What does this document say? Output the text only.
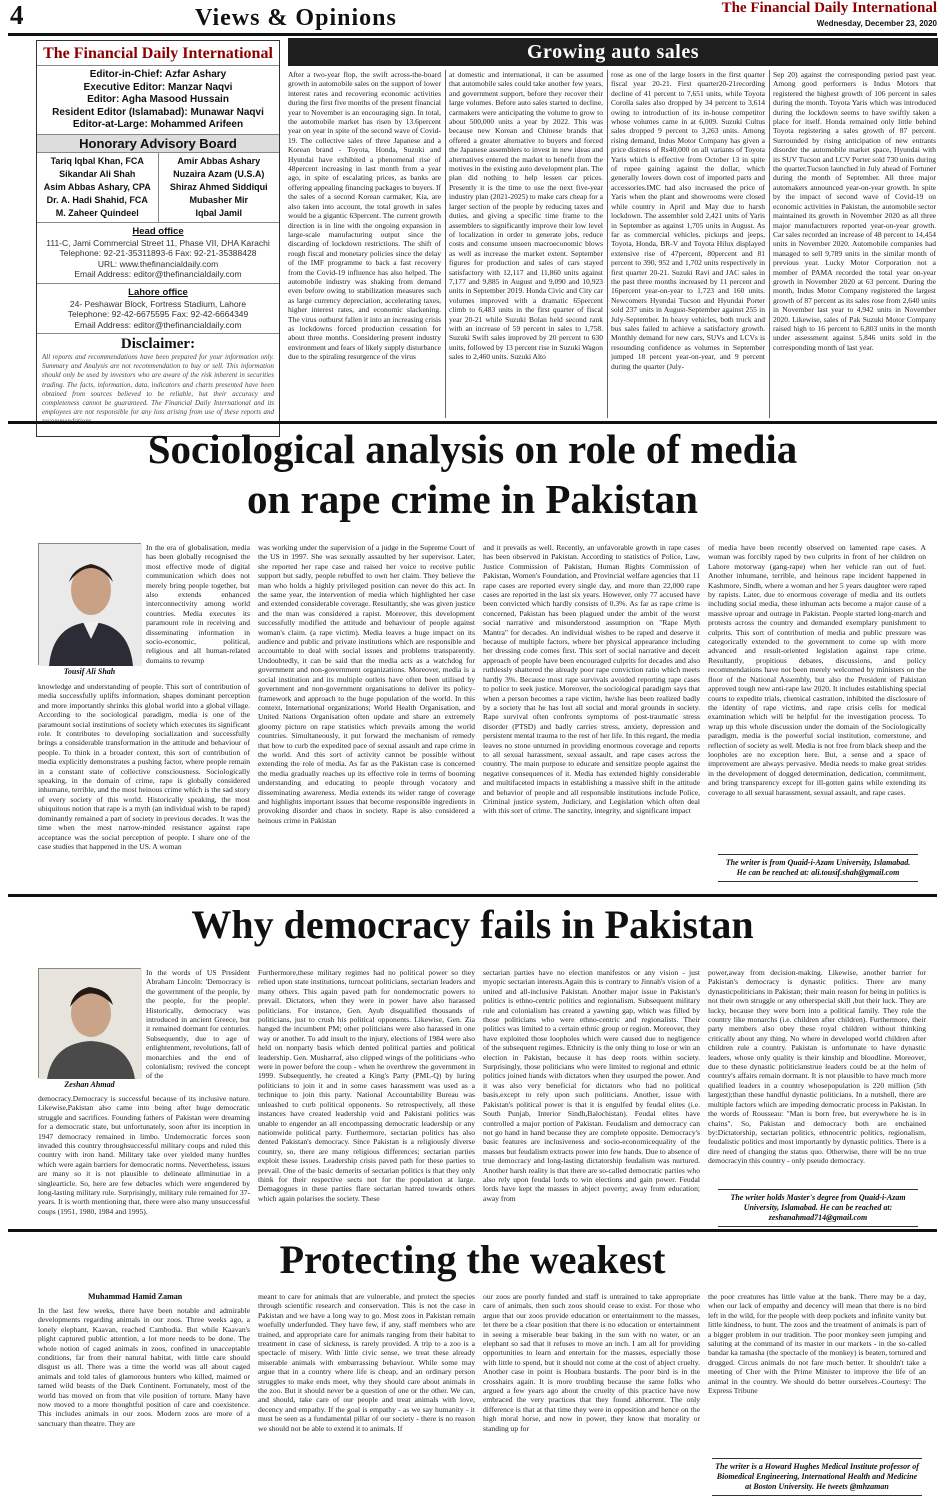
4	Views & Opinions	The Financial Daily International
Wednesday, December 23, 2020
The Financial Daily International
Editor-in-Chief: Azfar Ashary
Executive Editor: Manzar Naqvi
Editor: Agha Masood Hussain
Resident Editor (Islamabad): Munawar Naqvi
Editor-at-Large: Mohammed Arifeen
Honorary Advisory Board
Tariq Iqbal Khan, FCA
Sikandar Ali Shah
Asim Abbas Ashary, CPA
Dr. A. Hadi Shahid, FCA
M. Zaheer Quindeel
Amir Abbas Ashary
Nuzaira Azam (U.S.A)
Shiraz Ahmed Siddiqui
Mubasher Mir
Iqbal Jamil
Head office
111-C, Jami Commercial Street 11, Phase VII, DHA Karachi
Telephone: 92-21-35311893-6 Fax: 92-21-35388428
URL: www.thefinancialdaily.com
Email Address: editor@thefinancialdaily.com
Lahore office
24- Peshawar Block, Fortress Stadium, Lahore
Telephone: 92-42-6675595 Fax: 92-42-6664349
Email Address: editor@thefinancialdaily.com
Disclaimer:
All reports and recommendations have been prepared for your information only. Summary and Analysis are not recommendation to buy or sell. This information should only be used by investors who are aware of the risk inherent in securities trading. The facts, information, data, indicators and charts presented have been obtained from sources believed to be reliable, but their accuracy and completeness cannot be guaranteed. The Financial Daily International and its employees are not responsible for any loss arising from use of these reports and
Growing auto sales
After a two-year flop, the swift across-the-board growth in automobile sales on the support of lower interest rates and recovering economic activities during the first five months of the present financial year to November is an encouraging sign. In total, the automobile market has risen by 13.6percent year on year in spite of the second wave of Covid-19. The collective sales of three Japanese and a Korean brand - Toyota, Honda, Suzuki and Hyundai have exhibited a phenomenal rise of 48percent increasing in last month from a year ago, in spite of escalating prices, as banks are offering appealing financing packages to buyers. If the sales of a second Korean carmaker, Kia, are also taken into account, the total growth in sales would be a gigantic 63percent. The current growth direction is in line with the ongoing expansion in large-scale manufacturing output since the discarding of lockdown restrictions. The shift of rough fiscal and monetary policies since the delay of the IMF programme to back a fast recovery from the Covid-19 influence has also helped. The automobile industry was shaking from demand even before owing to stabilization measures such as large currency depreciation, accelerating taxes, higher interest rates, and economic slackening. The virus outburst fallen it into an increasing crisis as lockdowns forced production cessation for about three months. Considering present industry environment and fears of likely supply disturbance due to the spiraling resurgence of the virus
at domestic and international, it can be assumed that automobile sales could take another few years, and government support, before they recover their large volumes. Before auto sales started to decline, carmakers were anticipating the volume to grow to about 500,000 units a year by 2022. This was because new Korean and Chinese brands that offered a greater alternative to buyers and forced the Japanese assemblers to invest in new ideas and alternatives entered the market to benefit from the motives in the existing auto development plan. The plan did nothing to help lessen car prices. Presently it is the time to use the next five-year industry plan (2021-2025) to make cars cheap for a larger section of the people by reducing taxes and duties, and giving a specific time frame to the assemblers to significantly improve their low level of localization in order to generate jobs, reduce costs and consume unseen macroeconomic blows as well as increase the market extent. September figures for production and sales of cars stayed satisfactory with 12,117 and 11,860 units against 7,177 and 9,885 in August and 9,090 and 10,923 units in September 2019. Honda Civic and City car volumes improved with a dramatic 65percent climb to 6,483 units in the first quarter of fiscal year 20-21 while Suzuki Bolan held second rank with an increase of 59 percent in sales to 1,758. Suzuki Swift sales improved by 20 percent to 630 units, followed by 13 percent rise in Suzuki Wagon sales to 2,460 units. Suzuki Alto
rose as one of the large losers in the first quarter fiscal year 20-21. First quarter20-21recording decline of 41 percent to 7,651 units, while Toyota Corolla sales also dropped by 34 percent to 3,614 owing to introduction of its in-house competitor whose volumes came in at 6,009. Suzuki Cultus sales dropped 9 percent to 3,263 units. Among rising demand, Indus Motor Company has given a price distress of Rs40,000 on all variants of Toyota Yaris which is effective from October 13 in spite of rupee gaining against the dollar, which generally lowers down cost of imported parts and accessories.IMC had also increased the price of Yaris when the plant and showrooms were closed while country in April and May due to harsh lockdown. The assembler sold 2,421 units of Yaris in September as against 1,705 units in August. As far as commercial vehicles, pickups and jeeps, Toyota, Honda, BR-V and Toyota Hilux displayed extensive rise of 47percent, 80percent and 81 percent to 390, 952 and 1,702 units respectively in first quarter 20-21. Suzuki Ravi and JAC sales in the past three months increased by 11 percent and 16percent year-on-year to 1,723 and 160 units. Newcomers Hyundai Tucson and Hyundai Porter sold 237 units in August-September against 255 in July-September. In heavy vehicles, both truck and bus sales failed to achieve a satisfactory growth. Monthly demand for new cars, SUVs and LCVs is resounding confidence as volumes in September jumped 18 percent year-on-year, and 9 percent during the quarter (July-
Sep 20) against the corresponding period past year. Among good performers is Indus Motors that registered the highest growth of 106 percent in sales during the month. Toyota Yaris which was introduced during the lockdown seems to have swiftly taken a place for itself. Honda remained only little behind Toyota registering a sales growth of 87 percent. Surrounded by rising anticipation of new entrants disorder the automobile market space, Hyundai with its SUV Tucson and LCV Porter sold 730 units during the quarter.Tucson launched in July ahead of Fortuner during the month of September. All three major automakers announced year-on-year growth. In spite by the impact of second wave of Covid-19 on economic activities in Pakistan, the automobile sector maintained its growth in November 2020 as all three major manufacturers reported year-on-year growth. Car sales recorded an increase of 48 percent to 14,454 units in November 2020. Automobile companies had managed to sell 9,789 units in the similar month of previous year. Lucky Motor Corporation not a member of PAMA recorded the total year on-year growth in November 2020 at 63 percent. During the month, Indus Motor Company registered the largest growth of 87 percent as its sales rose from 2,640 units in November last year to 4,942 units in November 2020. Likewise, sales of Pak Suzuki Motor Company raised high to 16 percent to 6,803 units in the month under assessment against 5,846 units sold in the corresponding month of last year.
Sociological analysis on role of media
on rape crime in Pakistan
Tousif Ali Shah
In the era of globalisation, media has been globally recognised the most effective mode of digital communication which does not merely bring people together, but also extends enhanced interconnectivity among world countries. Media executes its paramount role in receiving and disseminating information in socio-economic, political, religious and all human-related domains to revamp
knowledge and understanding of people. This sort of contribution of media successfully uplifts information, shapes dominant perception and more importantly shrinks this global world into a global village. According to the sociological paradigm, media is one of the paramount social institutions of society which executes its significant role. It contributes to developing socialization and successfully brings a considerable transformation in the attitude and behaviour of people. To think in a broader context, this sort of contribution of media explicitly demonstrates a pushing factor, where people remain in a constant state of collective consciousness. Sociologically speaking, in the domain of crime, rape is globally considered inhumane, terrible, and the most heinous crime which is the sad story of every society of this world. Historically speaking, the most ubiquitous notion that rape is a myth (an individual wish to be raped) dominantly remained a part of society in previous decades. It was the time when the most narrow-minded resistance against rape acceptance was the social perception of people. I share one of the case studies that happened in the US. A woman
was working under the supervision of a judge in the Supreme Court of the US in 1997. She was sexually assaulted by her supervisor. Later, she reported her rape case and raised her voice to receive public support but sadly, people rebuffed to own her claim. They believe the man who holds a highly privileged position can never do this act. In the same year, the intervention of media which highlighted her case and extended considerable coverage. Resultantly, she was given justice and the man was considered a rapist. Moreover, this development successfully modified the attitude and behaviour of people against woman's claim. (a rape victim). Media leaves a huge impact on its audience and public and private institutions which are responsible and accountable to deal with social issues and problems transparently. Undoubtedly, it can be said that the media acts as a watchdog for government and non-government organizations. Moreover, media is a social institution and its multiple outlets have often been utilised by government and non-government organisations to deliver its policy-framework and approach to the huge population of the world. In this context, International organizations; World Health Organisation, and United Nations Organisation often update and share an extremely gloomy picture on rape statistics which prevails among the world countries. Simultaneously, it put forward the mechanism of remedy that how to curb the expedited pace of sexual assault and rape crime in the world. And this sort of activity cannot be possible without extending the role of media. As far as the Pakistan case is concerned the media gradually reaches up its effective role in terms of booming understanding and educating to people through vocatory and disseminating awareness. Media extends its wider range of coverage and highlights important issues that become responsible ingredients in provoking disorder and chaos in society. Rape is also considered a heinous crime in Pakistan
and it prevails as well. Recently, an unfavorable growth in rape cases has been observed in Pakistan. According to statistics of Police, Law, Justice Commission of Pakistan, Human Rights Commission of Pakistan, Women's Foundation, and Provincial welfare agencies that 11 rape cases are reported every single day, and more than 22,000 rape cases are reported in the last six years. However, only 77 accused have been convicted which hardly consists of 0.3%. As far as rape crime is concerned, Pakistan has been plagued under the ambit of the worst social narrative and misunderstood assumption on "Rape Myth Mantra" for decades. An individual wishes to be raped and deserve it because of multiple factors, where her physical appearance including her dressing code comes first. This sort of social narrative and deceit approach of people have been encouraged culprits for decades and also ruthlessly shattered the already poor rape conviction ratio which meets hardly 3%. Because most rape survivals avoided reporting rape cases to police to seek justice. Moreover, the sociological paradigm says that when a person becomes a rape victim, he/she has been realized badly by a society that he has lost all social and moral grounds in society. Rape survival often confronts symptoms of post-traumatic stress disorder (PTSD) and badly carries stress, anxiety, depression and persistent mental trauma to the rest of her life. In this regard, the media leaves no stone unturned in providing enormous coverage and reports to all sexual harassment, sexual assault, and rape cases across the country. The main purpose to educate and sensitize people against the negative consequences of it. Media has extended highly considerable and multifaceted impacts in establishing a massive shift in the attitude and behavior of people and all responsible institutions include Police, Criminal justice system, Judiciary, and Legislation which often deal with this sort of crime. The sanctity, integrity, and significant impact
of media have been recently observed on lamented rape cases. A woman was forcibly raped by two culprits in front of her children on Lahore motorway (gang-rape) when her vehicle ran out of fuel. Another inhumane, terrible, and heinous rape incident happened in Kashmore, Sindh, where a woman and her 5 years daughter were raped by rapists. Later, due to enormous coverage of media and its outlets including social media, these inhuman acts become a major cause of a massive uproar and outrage in Pakistan. People started long-march and protests across the country and demanded exemplary punishment to culprits. This sort of contribution of media and public pressure was categorically extended to the government to come up with more advanced and result-oriented legislation against rape crime. Resultantly, propitious debates, discussions, and policy recommendations have not been merely welcomed by ministers on the floor of the National Assembly, but also the President of Pakistan approved tough new anti-rape law 2020. It includes establishing special courts to expedite trials, chemical castration, inhibited the disclosure of the identity of rape victims, and rape crisis cells for medical examination which will be helpful for the investigation process. To wrap up this whole discussion under the domain of the Sociologically paradigm, media is the powerful social institution, cornerstone, and reflection of society as well. Media is not free from black sheep and the loopholes are no exception here. But, a sense and a space of improvement are always pervasive. Media needs to make great strides in the development of dogged determination, dedication, commitment, and bring transparency except for ill-gotten gains while extending its coverage to all sexual harassment, sexual assault, and rape cases.
The writer is from Quaid-i-Azam University, Islamabad. He can be reached at: ali.tousif.shah@gmail.com
Why democracy fails in Pakistan
Zeshan Ahmad
In the words of US President Abraham Lincoln: 'Democracy is the government of the people, by the people, for the people'. Historically, democracy was introduced in ancient Greece, but it remained dormant for centuries. Subsequently, due to age of enlightenment, revolutions, fall of monarchies and the end of colonialism; revived the concept of the
democracy.Democracy is successful because of its inclusive nature. Likewise,Pakistan also came into being after huge democratic struggle and sacrifices. Founding fathers of Pakistan were dreaming for a democratic state, but unfortunately, soon after its inception in 1947 democracy remained in limbo. Undemocratic forces soon invaded this country throughsuccessful military coups and ruled this country with iron hand. Military take over yielded many hurdles which were again barriers for democratic norms. Nevertheless, issues are many so it is not plausible to delineate allminutiae in a singlearticle. So, here are few debacles which were engendered by long-lasting military rule. Surprisingly, military rule remained for 37-years. It is worth mentioning that, there were also many unsuccessful coups (1951, 1980, 1984 and 1995).
Furthermore,these military regimes had no political power so they relied upon state institutions, turncoat politicians, sectarian leaders and many others. This again paved path for nondemocratic powers to prevail. Dictators, when they were in power have also harassed politicians. For instance, Gen. Ayub disqualified thousands of politicians, just to crush his political opponents. Likewise, Gen. Zia hanged the incumbent PM; other politicians were also harassed in one way or another. To add insult to the injury, elections of 1984 were also held on nonparty basis which dented political parties and political leadership. Gen. Musharraf, also clipped wings of the politicians -who were in power before the coup - when he overthrew the government in 1999. Subsequently, he created a King's Party (PML-Q) by luring politicians to join it and in some cases harassment was used as a technique to join this party. National Accountability Bureau was unleashed to curb political opponents. So retrospectively, all these instances have created leadership void and Pakistani politics was unable to engender an all encompassing democratic leadership or any nationwide political party. Furthermore, sectarian politics has also dented Pakistan's democracy. Since Pakistan is a religiously diverse country, so, there are many religious differences; sectarian parties exploit these issues. Leadership crisis paved path for these parties to prevail. One of the basic demerits of sectarian politics is that they only think for their respective sects not for the population at large. Demagogues in these parties flare sectarian hatred towards others which again polarises the society. These
sectarian parties have no election manifestos or any vision - just myopic sectarian interests.Again this is contrary to Jinnah's vision of a united and all-inclusive Pakistan. Another major issue in Pakistan's politics is ethno-centric politics and regionalism. Subsequent military rule and colonialism has created a yawning gap, which was filled by those politicians who were ethno-centric and regionalists. Their politics was limited to a certain ethnic group or region. Moreover, they have exploited those loopholes which were caused due to negligence of the subsequent regimes. Ethnicity is the only thing to lose or win an election in Pakistan, because it has deep roots within society. Surprisingly, those politicians who were limited to regional and ethnic politics joined hands with dictators when they usurped the power. And it was also very beneficial for dictators who had no political basis,except to rely upon such politicians. Another, issue with Pakistan's political power is that it is engulfed by feudal elites (i.e. South Punjab, Interior Sindh,Balochistan). Feudal elites have controlled a major portion of Pakistan. Feudalism and democracy can not go hand in hand because they are complete opposite. Democracy's basic features are inclusiveness and socio-economicequality of the masses but feudalism extracts power into few hands. Due to absence of true democracy and long-lasting dictatorship feudalism was nurtured. Another harsh reality is that there are so-called democratic parties who also rely upon feudal lords to win elections and gain power. Feudal lords have kept the masses in abject poverty; away from education; away from
power,away from decision-making. Likewise, another barrier for Pakistan's democracy is dynastic politics. There are many dynasticpoliticians in Pakistan; their main reason for being in politics is not their own struggle or any otherspecial skill ,but their luck. They are lucky, because they were born into a political family. They rule the country like monarchs (i.e. children after children). Furthermore, their party members also obey these royal children without thinking critically about any thing. No where in developed world children after children rule a country. Pakistan is unfortunate to have dynastic leaders, whose only quality is their kinship and bloodline. Moreover, due to these dynastic politicianstrue leaders could be at the helm of country's affairs remain dormant. It is not plausible to have much more qualified leaders in a country whosepopulation is 220 million (5th largest);than these handful dynastic politicians. In a nutshell, there are multiple factors which are impeding democratic process in Pakistan. In the words of Rousseau: "Man is born free, but everywhere he is in chains". So, Pakistan and democracy both are enchained by:Dictatorship, sectarian politics, ethnocentric politics, regionalism, feudalistic politics and most importantly by dynastic politics. There is a dire need of changing the status quo. Otherwise, there will be no true democracyin this country - only pseudo democracy.
The writer holds Master's degree from Quaid-i-Azam University, Islamabad. He can be reached at: zeshanahmad714@gmail.com
Protecting the weakest
Muhammad Hamid Zaman
In the last few weeks, there have been notable and admirable developments regarding animals in our zoos. Three weeks ago, a lonely elephant, Kaavan, reached Cambodia. But while Kaavan's plight captured public attention, a lot more needs to be done. The whole notion of caged animals in zoos, confined in unacceptable conditions, far from their natural habitat, with little care should disgust us all. There was a time the world was all about caged animals and told tales of glamorous hunters who killed, maimed or tamed wild beasts of the Dark Continent. Fortunately, most of the world has moved on from that vile position of torture. Many have now moved to a more thoughtful position of care and coexistence. This includes animals in our zoos. Modern zoos are more of a sanctuary than theatre. They are
meant to care for animals that are vulnerable, and protect the species through scientific research and conservation. This is not the case in Pakistan and we have a long way to go. Most zoos in Pakistan remain woefully underfunded. They have few, if any, staff members who are trained, and appropriate care for animals ranging from their habitat to treatment in case of sickness, is rarely provided. A trip to a zoo is a spectacle of misery. With little civic sense, we treat these already miserable animals with embarrassing behaviour. While some may argue that in a country where life is cheap, and an ordinary person struggles to make ends meet, why they should care about animals in the zoo. But it should never be a question of one or the other. We can, and should, take care of our people and treat animals with love, decency and empathy. If the goal is empathy - as we say humanity - it must be seen as a fundamental pillar of our society - there is no reason we should not be able to extend it to animals. If
our zoos are poorly funded and staff is untrained to take appropriate care of animals, then such zoos should cease to exist. For those who argue that our zoos provide education or entertainment to the masses, let there be a clear position that there is no education or entertainment in seeing a miserable bear baking in the sun with no water, or an elephant so sad that it refuses to move an inch. I am all for providing opportunities to learn and entertain for the masses, especially those with little to spend, but it should not come at the cost of abject cruelty. Another case in point is Houbara bustards. The poor bird is in the crosshairs again. It is more troubling because the same folks who argued a few years ago about the cruelty of this practice have now embraced the very practices that they found abhorrent. The only difference is that at that time they were in opposition and hence on the high moral horse, and now in power, they know that morality or standing up for
the poor creatures has little value at the bank. There may be a day, when our lack of empathy and decency will mean that there is no bird left in the wild, for the people with deep pockets and infinite vanity but little kindness, to hunt. The zoos and the treatment of animals is part of a bigger problem in our tradition. The poor monkey seen jumping and saluting at the command of its master in our markets - in the so-called bandar ka tamasha (the spectacle of the monkey) is beaten, tortured and drugged. Circus animals do not fare much better. It shouldn't take a meeting of Cher with the Prime Minister to improve the life of an animal in the country. We should do better ourselves.-Courtesy: The Express Tribune
The writer is a Howard Hughes Medical Institute professor of Biomedical Engineering, International Health and Medicine at Boston University. He tweets @mhzaman
